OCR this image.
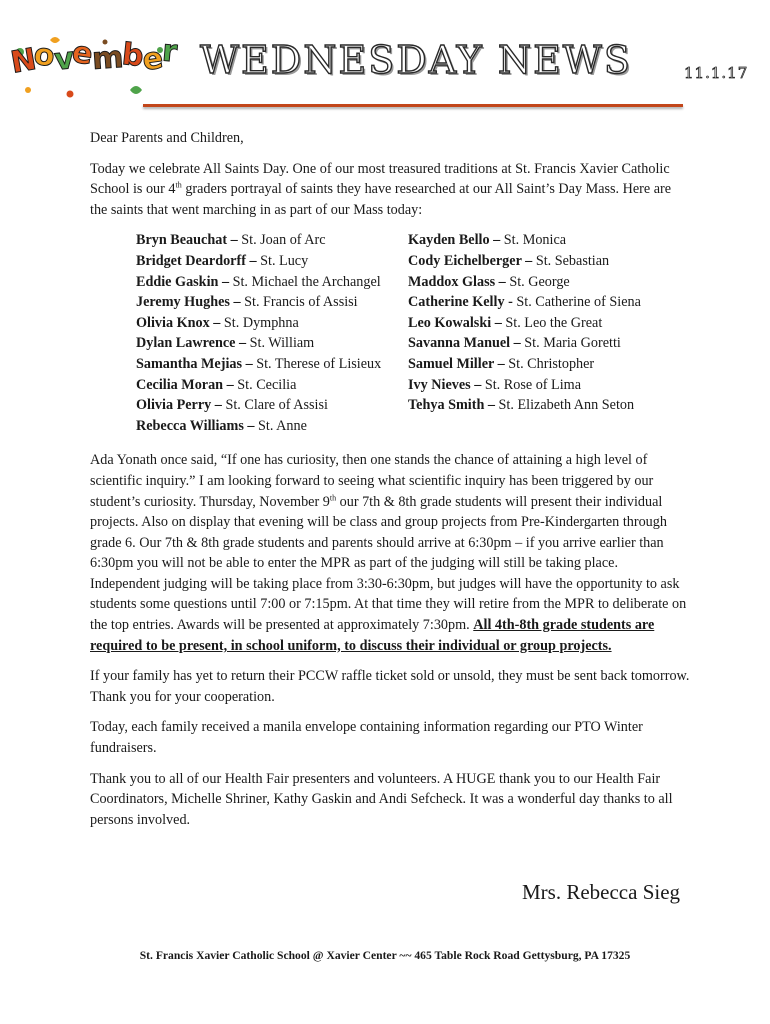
November WEDNESDAY NEWS	11.1.17

Dear Parents and Children,

Today we celebrate All Saints Day. One of our most treasured traditions at St. Francis Xavier Catholic School is our 4th graders portrayal of saints they have researched at our All Saint’s Day Mass. Here are the saints that went marching in as part of our Mass today:

Bryn Beauchat – St. Joan of Arc
Bridget Deardorff – St. Lucy
Eddie Gaskin – St. Michael the Archangel
Jeremy Hughes – St. Francis of Assisi
Olivia Knox – St. Dymphna
Dylan Lawrence – St. William
Samantha Mejias – St. Therese of Lisieux
Cecilia Moran – St. Cecilia
Olivia Perry – St. Clare of Assisi
Rebecca Williams – St. Anne
Kayden Bello – St. Monica
Cody Eichelberger – St. Sebastian
Maddox Glass – St. George
Catherine Kelly - St. Catherine of Siena
Leo Kowalski – St. Leo the Great
Savanna Manuel – St. Maria Goretti
Samuel Miller – St. Christopher
Ivy Nieves – St. Rose of Lima
Tehya Smith – St. Elizabeth Ann Seton

Ada Yonath once said, “If one has curiosity, then one stands the chance of attaining a high level of scientific inquiry.” I am looking forward to seeing what scientific inquiry has been triggered by our student’s curiosity. Thursday, November 9th our 7th & 8th grade students will present their individual projects. Also on display that evening will be class and group projects from Pre-Kindergarten through grade 6. Our 7th & 8th grade students and parents should arrive at 6:30pm – if you arrive earlier than 6:30pm you will not be able to enter the MPR as part of the judging will still be taking place. Independent judging will be taking place from 3:30-6:30pm, but judges will have the opportunity to ask students some questions until 7:00 or 7:15pm. At that time they will retire from the MPR to deliberate on the top entries. Awards will be presented at approximately 7:30pm. All 4th-8th grade students are required to be present, in school uniform, to discuss their individual or group projects.

If your family has yet to return their PCCW raffle ticket sold or unsold, they must be sent back tomorrow. Thank you for your cooperation.

Today, each family received a manila envelope containing information regarding our PTO Winter fundraisers.

Thank you to all of our Health Fair presenters and volunteers. A HUGE thank you to our Health Fair Coordinators, Michelle Shriner, Kathy Gaskin and Andi Sefcheck. It was a wonderful day thanks to all persons involved.

Mrs. Rebecca Sieg
St. Francis Xavier Catholic School @ Xavier Center ~~ 465 Table Rock Road Gettysburg, PA 17325
